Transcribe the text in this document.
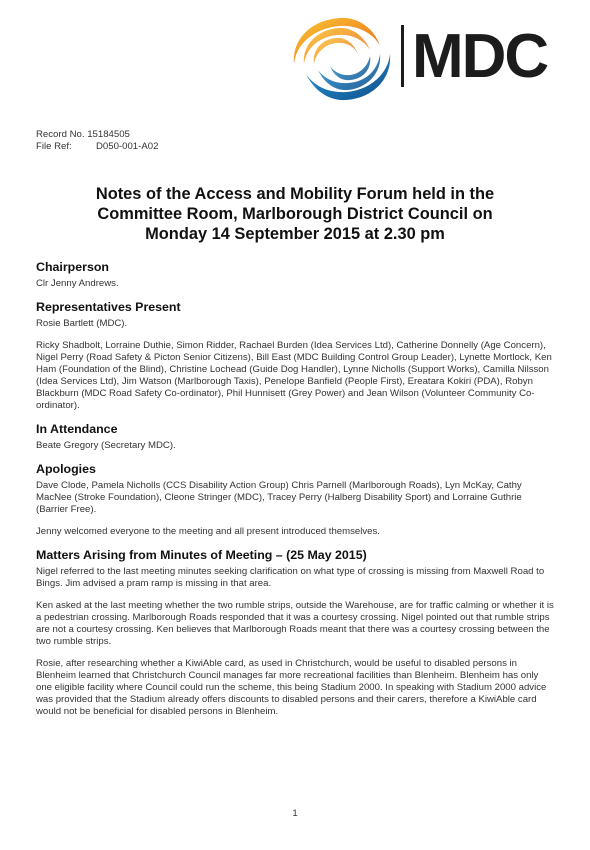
MDC
Record No. 15184505
File Ref:	D050-001-A02
Notes of the Access and Mobility Forum held in the
Committee Room, Marlborough District Council on
Monday 14 September 2015 at 2.30 pm
Chairperson

Clr Jenny Andrews.

Representatives Present

Rosie Bartlett (MDC).

Ricky Shadbolt, Lorraine Duthie, Simon Ridder, Rachael Burden (Idea Services Ltd), Catherine Donnelly (Age Concern), Nigel Perry (Road Safety & Picton Senior Citizens), Bill East (MDC Building Control Group Leader), Lynette Mortlock, Ken Ham (Foundation of the Blind), Christine Lochead (Guide Dog Handler), Lynne Nicholls (Support Works), Camilla Nilsson (Idea Services Ltd), Jim Watson (Marlborough Taxis), Penelope Banfield (People First), Ereatara Kokiri (PDA), Robyn Blackburn (MDC Road Safety Co-ordinator), Phil Hunnisett (Grey Power) and Jean Wilson (Volunteer Community Co-ordinator).

In Attendance

Beate Gregory (Secretary MDC).

Apologies

Dave Clode, Pamela Nicholls (CCS Disability Action Group) Chris Parnell (Marlborough Roads), Lyn McKay, Cathy MacNee (Stroke Foundation), Cleone Stringer (MDC), Tracey Perry (Halberg Disability Sport) and Lorraine Guthrie (Barrier Free).

Jenny welcomed everyone to the meeting and all present introduced themselves.

Matters Arising from Minutes of Meeting – (25 May 2015)

Nigel referred to the last meeting minutes seeking clarification on what type of crossing is missing from Maxwell Road to Bings. Jim advised a pram ramp is missing in that area.

Ken asked at the last meeting whether the two rumble strips, outside the Warehouse, are for traffic calming or whether it is a pedestrian crossing. Marlborough Roads responded that it was a courtesy crossing. Nigel pointed out that rumble strips are not a courtesy crossing. Ken believes that Marlborough Roads meant that there was a courtesy crossing between the two rumble strips.

Rosie, after researching whether a KiwiAble card, as used in Christchurch, would be useful to disabled persons in Blenheim learned that Christchurch Council manages far more recreational facilities than Blenheim. Blenheim has only one eligible facility where Council could run the scheme, this being Stadium 2000. In speaking with Stadium 2000 advice was provided that the Stadium already offers discounts to disabled persons and their carers, therefore a KiwiAble card would not be beneficial for disabled persons in Blenheim.

1
